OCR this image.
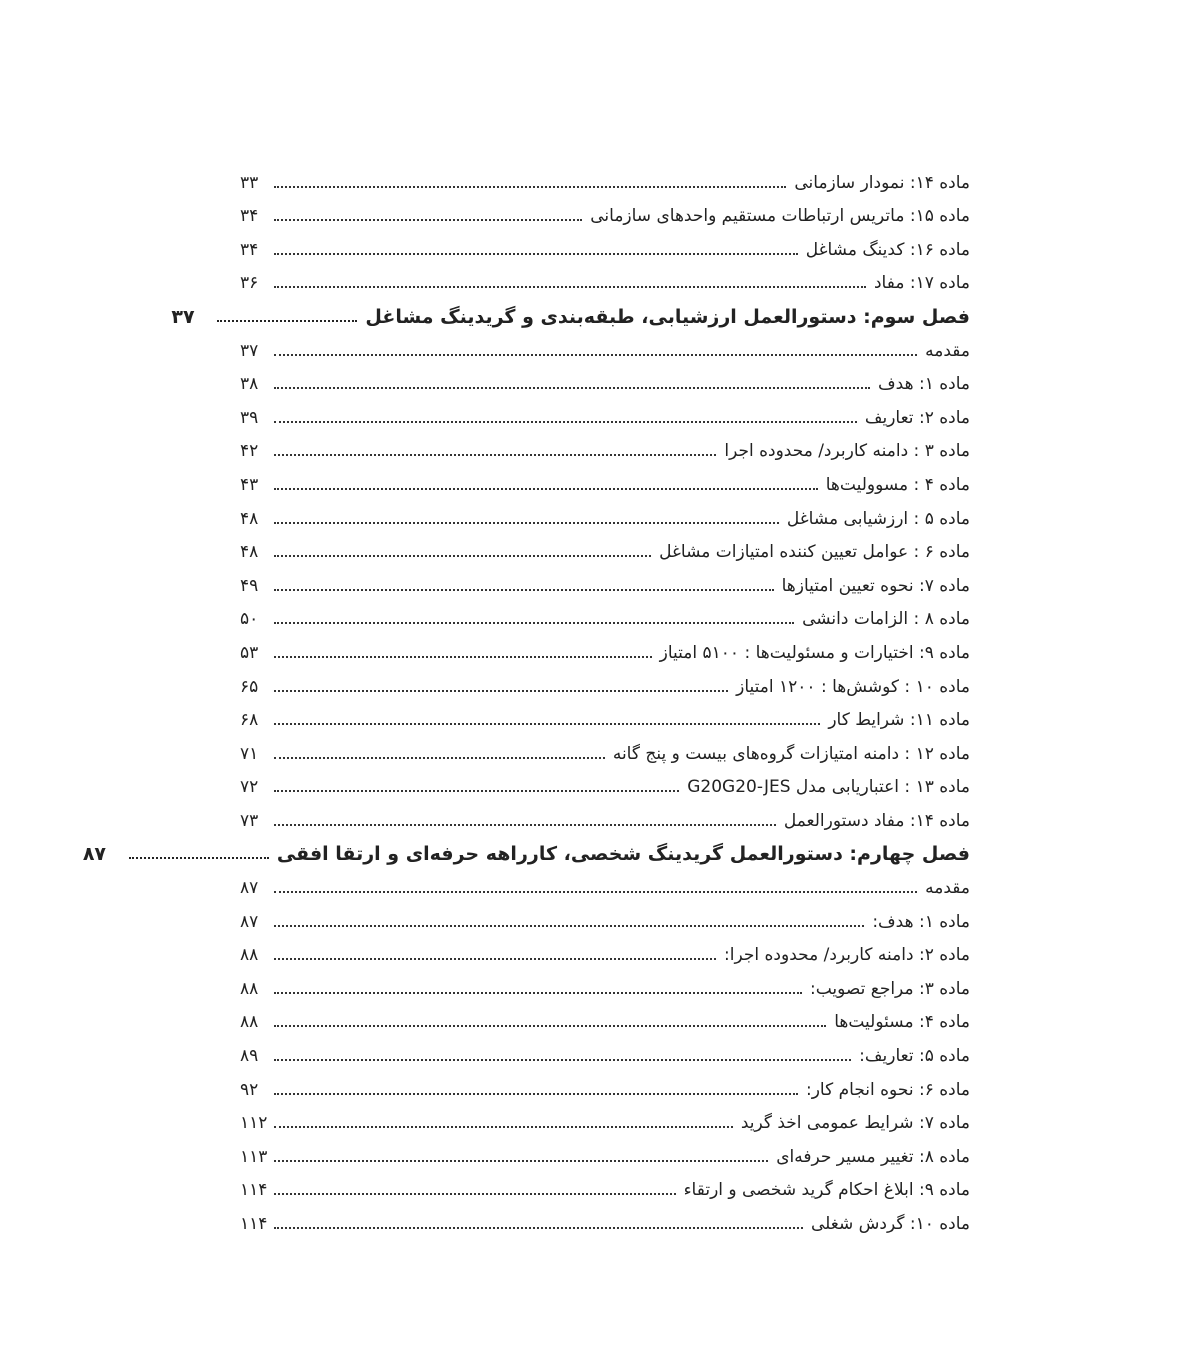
ماده ۱۴: نمودار سازمانی
۳۳
ماده ۱۵: ماتریس ارتباطات مستقیم واحدهای سازمانی
۳۴
ماده ۱۶: کدینگ مشاغل
۳۴
ماده ۱۷: مفاد
۳۶
فصل سوم: دستورالعمل ارزشیابی، طبقه‌بندی و گریدینگ مشاغل
۳۷
مقدمه
۳۷
ماده ۱: هدف
۳۸
ماده ۲: تعاریف
۳۹
ماده ۳ : دامنه کاربرد/ محدوده اجرا
۴۲
ماده ۴ : مسوولیت‌ها
۴۳
ماده ۵ : ارزشیابی مشاغل
۴۸
ماده ۶ : عوامل تعیین کننده امتیازات مشاغل
۴۸
ماده ۷: نحوه تعیین امتیازها
۴۹
ماده ۸ : الزامات دانشی
۵۰
ماده ۹: اختیارات و مسئولیت‌ها : ۵۱۰۰ امتیاز
۵۳
ماده ۱۰ : کوشش‌ها : ۱۲۰۰ امتیاز
۶۵
ماده ۱۱: شرایط کار
۶۸
ماده ۱۲ : دامنه امتیازات گروه‌های بیست و پنج گانه
۷۱
ماده ۱۳ : اعتباریابی مدل G20G20-JES
۷۲
ماده ۱۴: مفاد دستورالعمل
۷۳
فصل چهارم: دستورالعمل گریدینگ شخصی، کارراهه حرفه‌ای و ارتقا افقی
۸۷
مقدمه
۸۷
ماده ۱: هدف:
۸۷
ماده ۲: دامنه کاربرد/ محدوده اجرا:
۸۸
ماده ۳: مراجع تصویب:
۸۸
ماده ۴: مسئولیت‌ها
۸۸
ماده ۵: تعاریف:
۸۹
ماده ۶: نحوه انجام کار:
۹۲
ماده ۷: شرایط عمومی اخذ گرید
۱۱۲
ماده ۸: تغییر مسیر حرفه‌ای
۱۱۳
ماده ۹: ابلاغ احکام گرید شخصی و ارتقاء
۱۱۴
ماده ۱۰: گردش شغلی
۱۱۴
